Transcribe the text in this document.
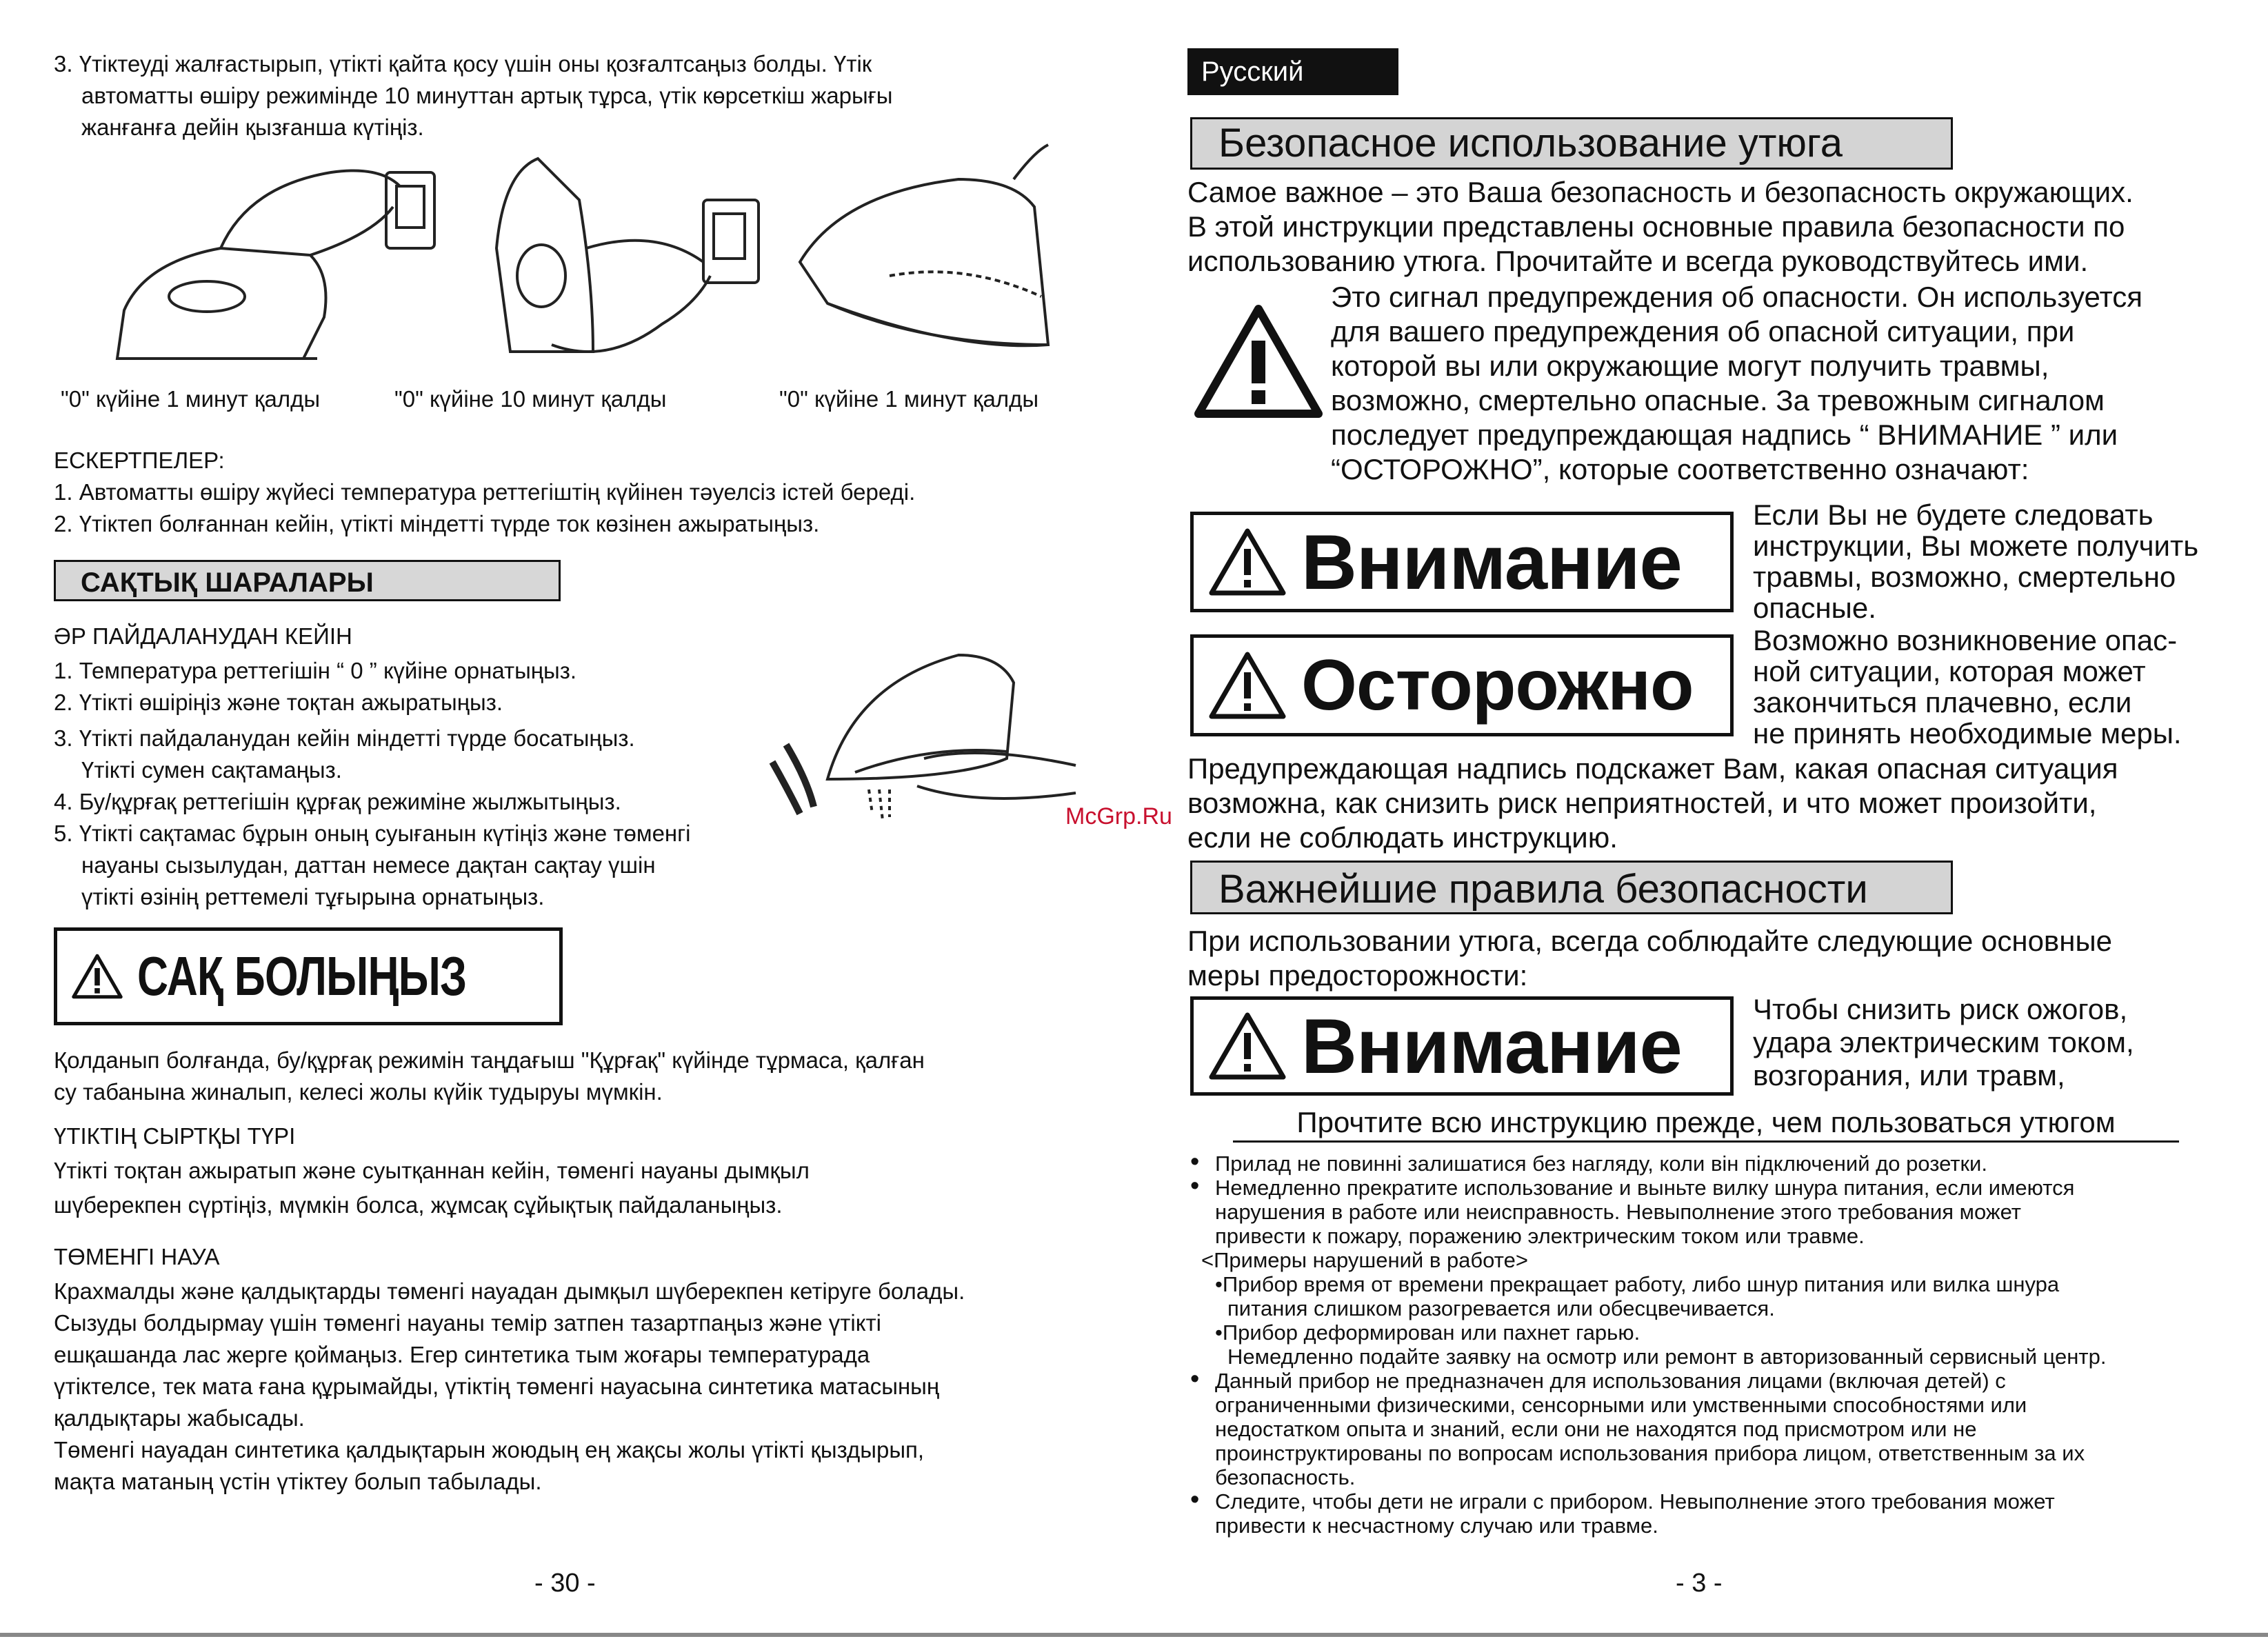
3. Үтіктеуді жалғастырып, үтікті қайта қосу үшін оны қозғалтсаңыз болды. Үтік

автоматты өшіру режимінде 10 минуттан артық тұрса, үтік көрсеткіш жарығы

жанғанға дейін қызғанша күтіңіз.

"0" күйіне 1 минут қалды	"0" күйіне 10 минут қалды	"0" күйіне 1 минут қалды

ЕСКЕРТПЕЛЕР:

1. Автоматты өшіру жүйесі температура реттегіштің күйінен тәуелсіз істей береді.

2. Үтіктеп болғаннан кейін, үтікті міндетті түрде ток көзінен ажыратыңыз.

САҚТЫҚ ШАРАЛАРЫ

ӘР ПАЙДАЛАНУДАН КЕЙІН

1. Температура реттегішін “ 0 ” күйіне орнатыңыз.

2. Үтікті өшіріңіз және тоқтан ажыратыңыз.

3. Үтікті пайдаланудан кейін міндетті түрде босатыңыз.

Үтікті сумен сақтамаңыз.

4. Бу/құрғақ реттегішін құрғақ режиміне жылжытыңыз.

5. Үтікті сақтамас бұрын оның суығанын күтіңіз және төменгі

науаны сызылудан, даттан немесе дақтан сақтау үшін

үтікті өзінің реттемелі тұғырына орнатыңыз.

САҚ БОЛЫҢЫЗ

Қолданып болғанда, бу/құрғақ режимін таңдағыш "Құрғақ" күйінде тұрмаса, қалған

су табанына жиналып, келесі жолы күйік тудыруы мүмкін.

ҮТІКТІҢ СЫРТҚЫ ТҮРІ

Үтікті тоқтан ажыратып және суытқаннан кейін, төменгі науаны дымқыл

шүберекпен сүртіңіз, мүмкін болса, жұмсақ сұйықтық пайдаланыңыз.

ТӨМЕНГІ НАУА

Крахмалды және қалдықтарды төменгі науадан дымқыл шүберекпен кетіруге болады.

Сызуды болдырмау үшін төменгі науаны темір затпен тазартпаңыз және үтікті

ешқашанда лас жерге қоймаңыз. Егер синтетика тым жоғары температурада

үтіктелсе, тек мата ғана құрымайды, үтіктің төменгі науасына синтетика матасының

қалдықтары жабысады.

Төменгі науадан синтетика қалдықтарын жоюдың ең жақсы жолы үтікті қыздырып,

мақта матаның үстін үтіктеу болып табылады.

- 30 -
Русский
Безопасное использование утюга

Самое важное – это Ваша безопасность и безопасность окружающих.

В этой инструкции представлены основные правила безопасности по

использованию утюга. Прочитайте и всегда руководствуйтесь ими.

Это сигнал предупреждения об опасности. Он используется

для вашего предупреждения об опасной ситуации, при

которой вы или окружающие могут получить травмы,

возможно, смертельно опасные. За тревожным сигналом

последует предупреждающая надпись “ ВНИМАНИЕ ” или

“ОСТОРОЖНО”, которые соответственно означают:

Внимание

Если Вы не будете следовать

инструкции, Вы можете получить

травмы, возможно, смертельно

опасные.

Осторожно

Возможно возникновение опас-

ной ситуации, которая может

закончиться плачевно, если

не принять необходимые меры.

Предупреждающая надпись подскажет Вам, какая опасная ситуация

возможна, как снизить риск неприятностей, и что может произойти,

если не соблюдать инструкцию.

McGrp.Ru
Важнейшие правила безопасности

При использовании утюга, всегда соблюдайте следующие основные

меры предосторожности:

Внимание Чтобы снизить риск ожогов,

удара электрическим током,

возгорания, или травм,

Прочтите всю инструкцию прежде, чем пользоваться утюгом

• Прилад не повинні залишатися без нагляду, коли він підключений до розетки.

• Немедленно прекратите использование и выньте вилку шнура питания, если имеются

нарушения в работе или неисправность. Невыполнение этого требования может

привести к пожару, поражению электрическим током или травме.

<Примеры нарушений в работе>

•Прибор время от времени прекращает работу, либо шнур питания или вилка шнура

питания слишком разогревается или обесцвечивается.

•Прибор деформирован или пахнет гарью.

Немедленно подайте заявку на осмотр или ремонт в авторизованный сервисный центр.

• Данный прибор не предназначен для использования лицами (включая детей) с

ограниченными физическими, сенсорными или умственными способностями или

недостатком опыта и знаний, если они не находятся под присмотром или не

проинструктированы по вопросам использования прибора лицом, ответственным за их

безопасность.

• Следите, чтобы дети не играли с прибором. Невыполнение этого требования может

привести к несчастному случаю или травме.

- 3 -
